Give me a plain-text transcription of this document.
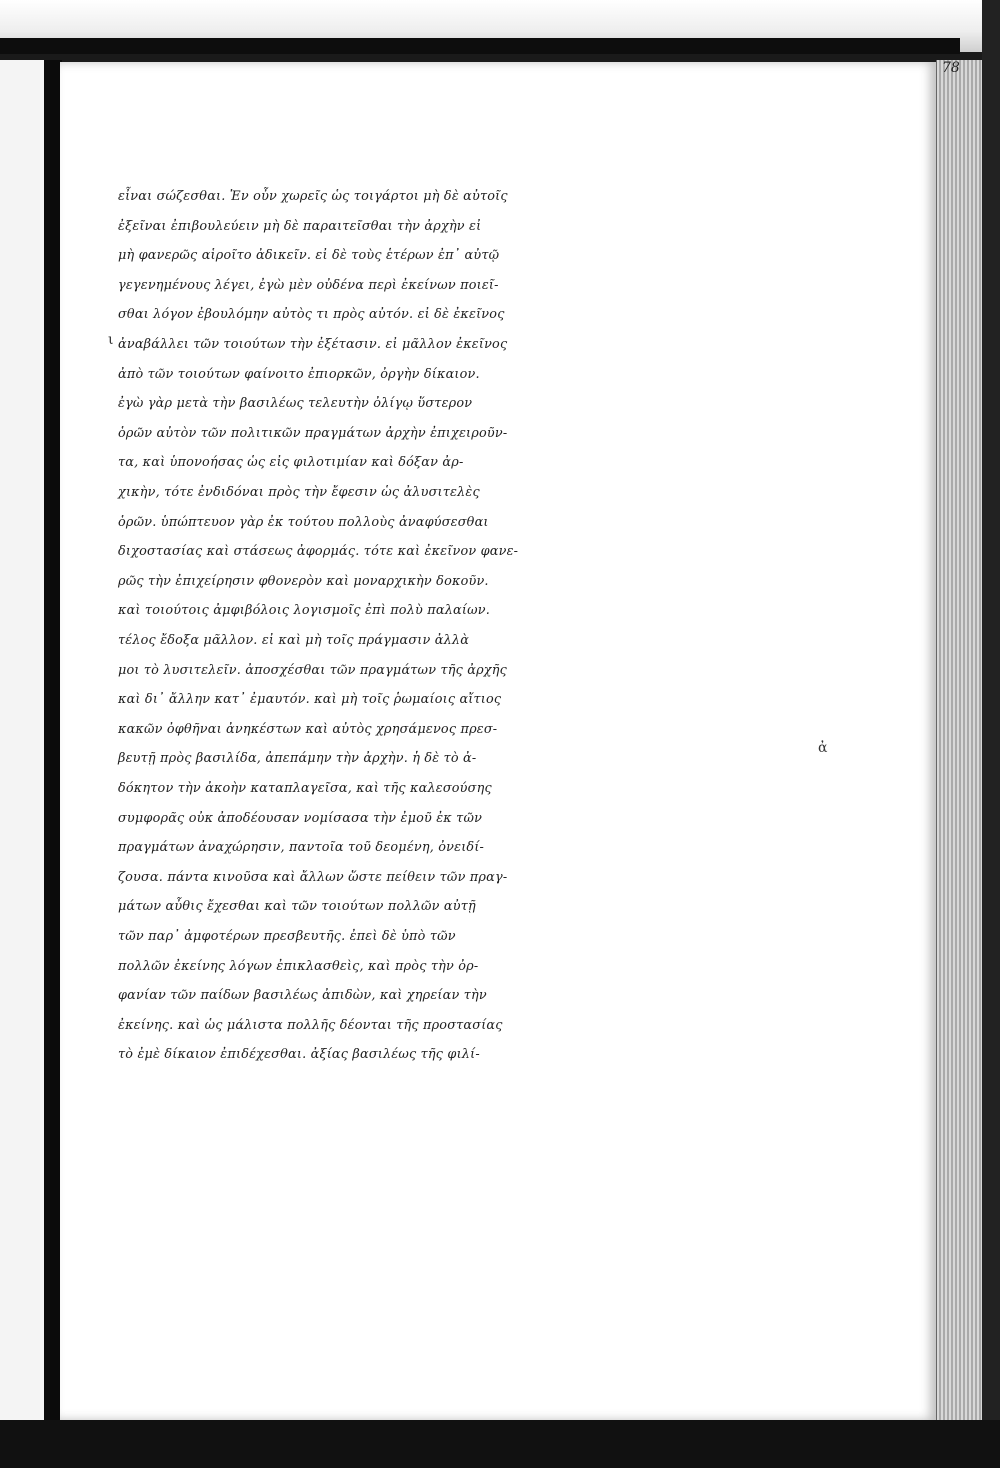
78
εἶναι σώζεσθαι. Ἐν οὖν χωρεῖς ὡς τοιγάρτοι μὴ δὲ αὐτοῖς
ἐξεῖναι ἐπιβουλεύειν μὴ δὲ παραιτεῖσθαι τὴν ἀρχὴν εἰ
μὴ φανερῶς αἱροῖτο ἀδικεῖν. εἰ δὲ τοὺς ἑτέρων ἐπ᾿ αὐτῷ
γεγενημένους λέγει, ἐγὼ μὲν οὐδένα περὶ ἐκείνων ποιεῖ-
σθαι λόγον ἐβουλόμην αὐτὸς τι πρὸς αὐτόν. εἰ δὲ ἐκεῖνος
ἀναβάλλει τῶν τοιούτων τὴν ἐξέτασιν. εἰ μᾶλλον ἐκεῖνος
ἀπὸ τῶν τοιούτων φαίνοιτο ἐπιορκῶν, ὀργὴν δίκαιον.
ἐγὼ γὰρ μετὰ τὴν βασιλέως τελευτὴν ὀλίγῳ ὕστερον
ὁρῶν αὐτὸν τῶν πολιτικῶν πραγμάτων ἀρχὴν ἐπιχειροῦν-
τα, καὶ ὑπονοήσας ὡς εἰς φιλοτιμίαν καὶ δόξαν ἀρ-
χικὴν, τότε ἐνδιδόναι πρὸς τὴν ἔφεσιν ὡς ἀλυσιτελὲς
ὁρῶν. ὑπώπτευον γὰρ ἐκ τούτου πολλοὺς ἀναφύσεσθαι
διχοστασίας καὶ στάσεως ἀφορμάς. τότε καὶ ἐκεῖνον φανε-
ρῶς τὴν ἐπιχείρησιν φθονερὸν καὶ μοναρχικὴν δοκοῦν.
καὶ τοιούτοις ἀμφιβόλοις λογισμοῖς ἐπὶ πολὺ παλαίων.
τέλος ἔδοξα μᾶλλον. εἰ καὶ μὴ τοῖς πράγμασιν ἀλλὰ
μοι τὸ λυσιτελεῖν. ἀποσχέσθαι τῶν πραγμάτων τῆς ἀρχῆς
καὶ δι᾿ ἄλλην κατ᾿ ἐμαυτόν. καὶ μὴ τοῖς ῥωμαίοις αἴτιος
κακῶν ὀφθῆναι ἀνηκέστων καὶ αὐτὸς χρησάμενος πρεσ-
βευτῇ πρὸς βασιλίδα, ἀπεπάμην τὴν ἀρχὴν. ἡ δὲ τὸ ἀ-
δόκητον τὴν ἀκοὴν καταπλαγεῖσα, καὶ τῆς καλεσούσης
συμφορᾶς οὐκ ἀποδέουσαν νομίσασα τὴν ἐμοῦ ἐκ τῶν
πραγμάτων ἀναχώρησιν, παντοῖα τοῦ δεομένη, ὀνειδί-
ζουσα. πάντα κινοῦσα καὶ ἄλλων ὥστε πείθειν τῶν πραγ-
μάτων αὖθις ἔχεσθαι καὶ τῶν τοιούτων πολλῶν αὐτῇ
τῶν παρ᾿ ἀμφοτέρων πρεσβευτῆς. ἐπεὶ δὲ ὑπὸ τῶν
πολλῶν ἐκείνης λόγων ἐπικλασθεὶς, καὶ πρὸς τὴν ὀρ-
φανίαν τῶν παίδων βασιλέως ἀπιδὼν, καὶ χηρείαν τὴν
ἐκείνης. καὶ ὡς μάλιστα πολλῆς δέονται τῆς προστασίας
τὸ ἐμὲ δίκαιον ἐπιδέχεσθαι. ἀξίας βασιλέως τῆς φιλί-
ἀ
ι
